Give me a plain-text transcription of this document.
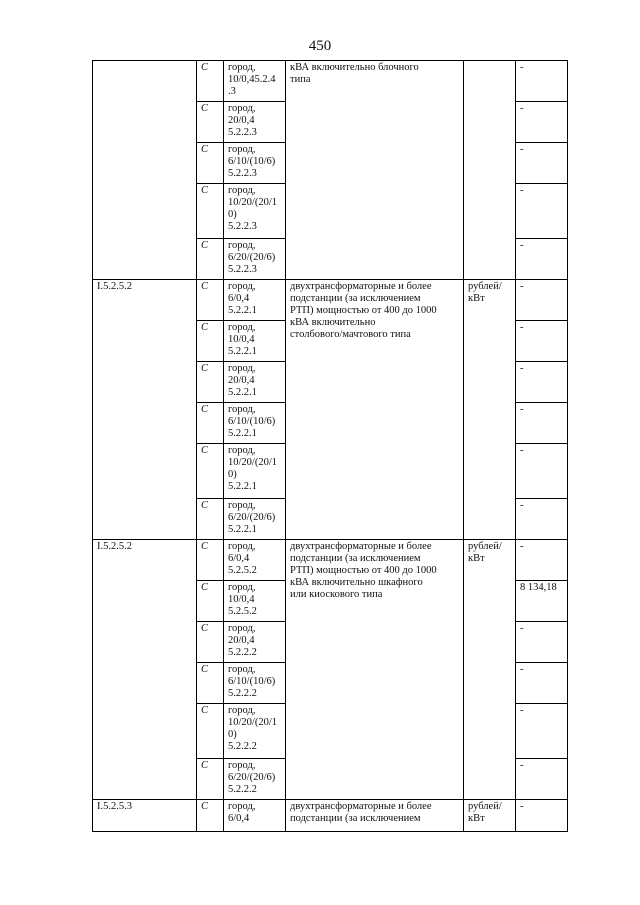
450
	C	город,
10/0,45.2.4
.3	кВА включительно блочного
типа		-
	C	город,
20/0,4
5.2.2.3			-
	C	город,
6/10/(10/6)
5.2.2.3			-
	C	город,
10/20/(20/1
0)
5.2.2.3			-
	C	город,
6/20/(20/6)
5.2.2.3			-
I.5.2.5.2	C	город,
6/0,4
5.2.2.1	двухтрансформаторные и более
подстанции (за исключением
РТП) мощностью от 400 до 1000
кВА включительно
столбового/мачтового типа	рублей/
кВт	-
	C	город,
10/0,4
5.2.2.1			-
	C	город,
20/0,4
5.2.2.1			-
	C	город,
6/10/(10/6)
5.2.2.1			-
	C	город,
10/20/(20/1
0)
5.2.2.1			-
	C	город,
6/20/(20/6)
5.2.2.1			-
I.5.2.5.2	C	город,
6/0,4
5.2.5.2	двухтрансформаторные и более
подстанции (за исключением
РТП) мощностью от 400 до 1000
кВА включительно шкафного
или киоскового типа	рублей/
кВт	-
	C	город,
10/0,4
5.2.5.2			8 134,18
	C	город,
20/0,4
5.2.2.2			-
	C	город,
6/10/(10/6)
5.2.2.2			-
	C	город,
10/20/(20/1
0)
5.2.2.2			-
	C	город,
6/20/(20/6)
5.2.2.2			-
I.5.2.5.3	C	город,
6/0,4	двухтрансформаторные и более
подстанции (за исключением	рублей/
кВт	-
